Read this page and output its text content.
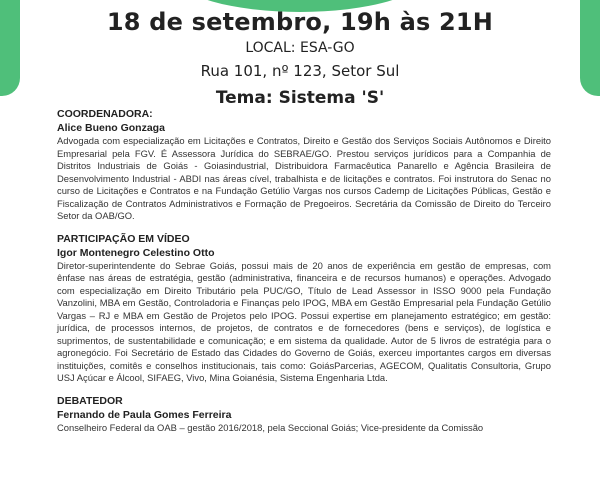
18 de setembro, 19h às 21H
LOCAL: ESA-GO
Rua 101, nº 123, Setor Sul
Tema: Sistema 'S'
COORDENADORA:
Alice Bueno Gonzaga

Advogada com especialização em Licitações e Contratos, Direito e Gestão dos Serviços Sociais Autônomos e Direito Empresarial pela FGV. É Assessora Jurídica do SEBRAE/GO. Prestou serviços jurídicos para a Companhia de Distritos Industriais de Goiás - Goiasindustrial, Distribuidora Farmacêutica Panarello e Agência Brasileira de Desenvolvimento Industrial - ABDI nas áreas cível, trabalhista e de licitações e contratos. Foi instrutora do Senac no curso de Licitações e Contratos e na Fundação Getúlio Vargas nos cursos Cademp de Licitações Públicas, Gestão e Fiscalização de Contratos Administrativos e Formação de Pregoeiros. Secretária da Comissão de Direito do Terceiro Setor da OAB/GO.

PARTICIPAÇÃO EM VÍDEO
Igor Montenegro Celestino Otto

Diretor-superintendente do Sebrae Goiás, possui mais de 20 anos de experiência em gestão de empresas, com ênfase nas áreas de estratégia, gestão (administrativa, financeira e de recursos humanos) e operações. Advogado com especialização em Direito Tributário pela PUC/GO, Título de Lead Assessor in ISSO 9000 pela Fundação Vanzolini, MBA em Gestão, Controladoria e Finanças pelo IPOG, MBA em Gestão Empresarial pela Fundação Getúlio Vargas – RJ e MBA em Gestão de Projetos pelo IPOG. Possui expertise em planejamento estratégico; em gestão: jurídica, de processos internos, de projetos, de contratos e de fornecedores (bens e serviços), de logística e suprimentos, de sustentabilidade e comunicação; e em sistema da qualidade. Autor de 5 livros de estratégia para o agronegócio. Foi Secretário de Estado das Cidades do Governo de Goiás, exerceu importantes cargos em diversas instituições, comitês e conselhos institucionais, tais como: GoiásParcerias, AGECOM, Qualitatis Consultoria, Grupo USJ Açúcar e Álcool, SIFAEG, Vivo, Mina Goianésia, Sistema Engenharia Ltda.

DEBATEDOR
Fernando de Paula Gomes Ferreira

Conselheiro Federal da OAB – gestão 2016/2018, pela Seccional Goiás; Vice-presidente da Comissão
